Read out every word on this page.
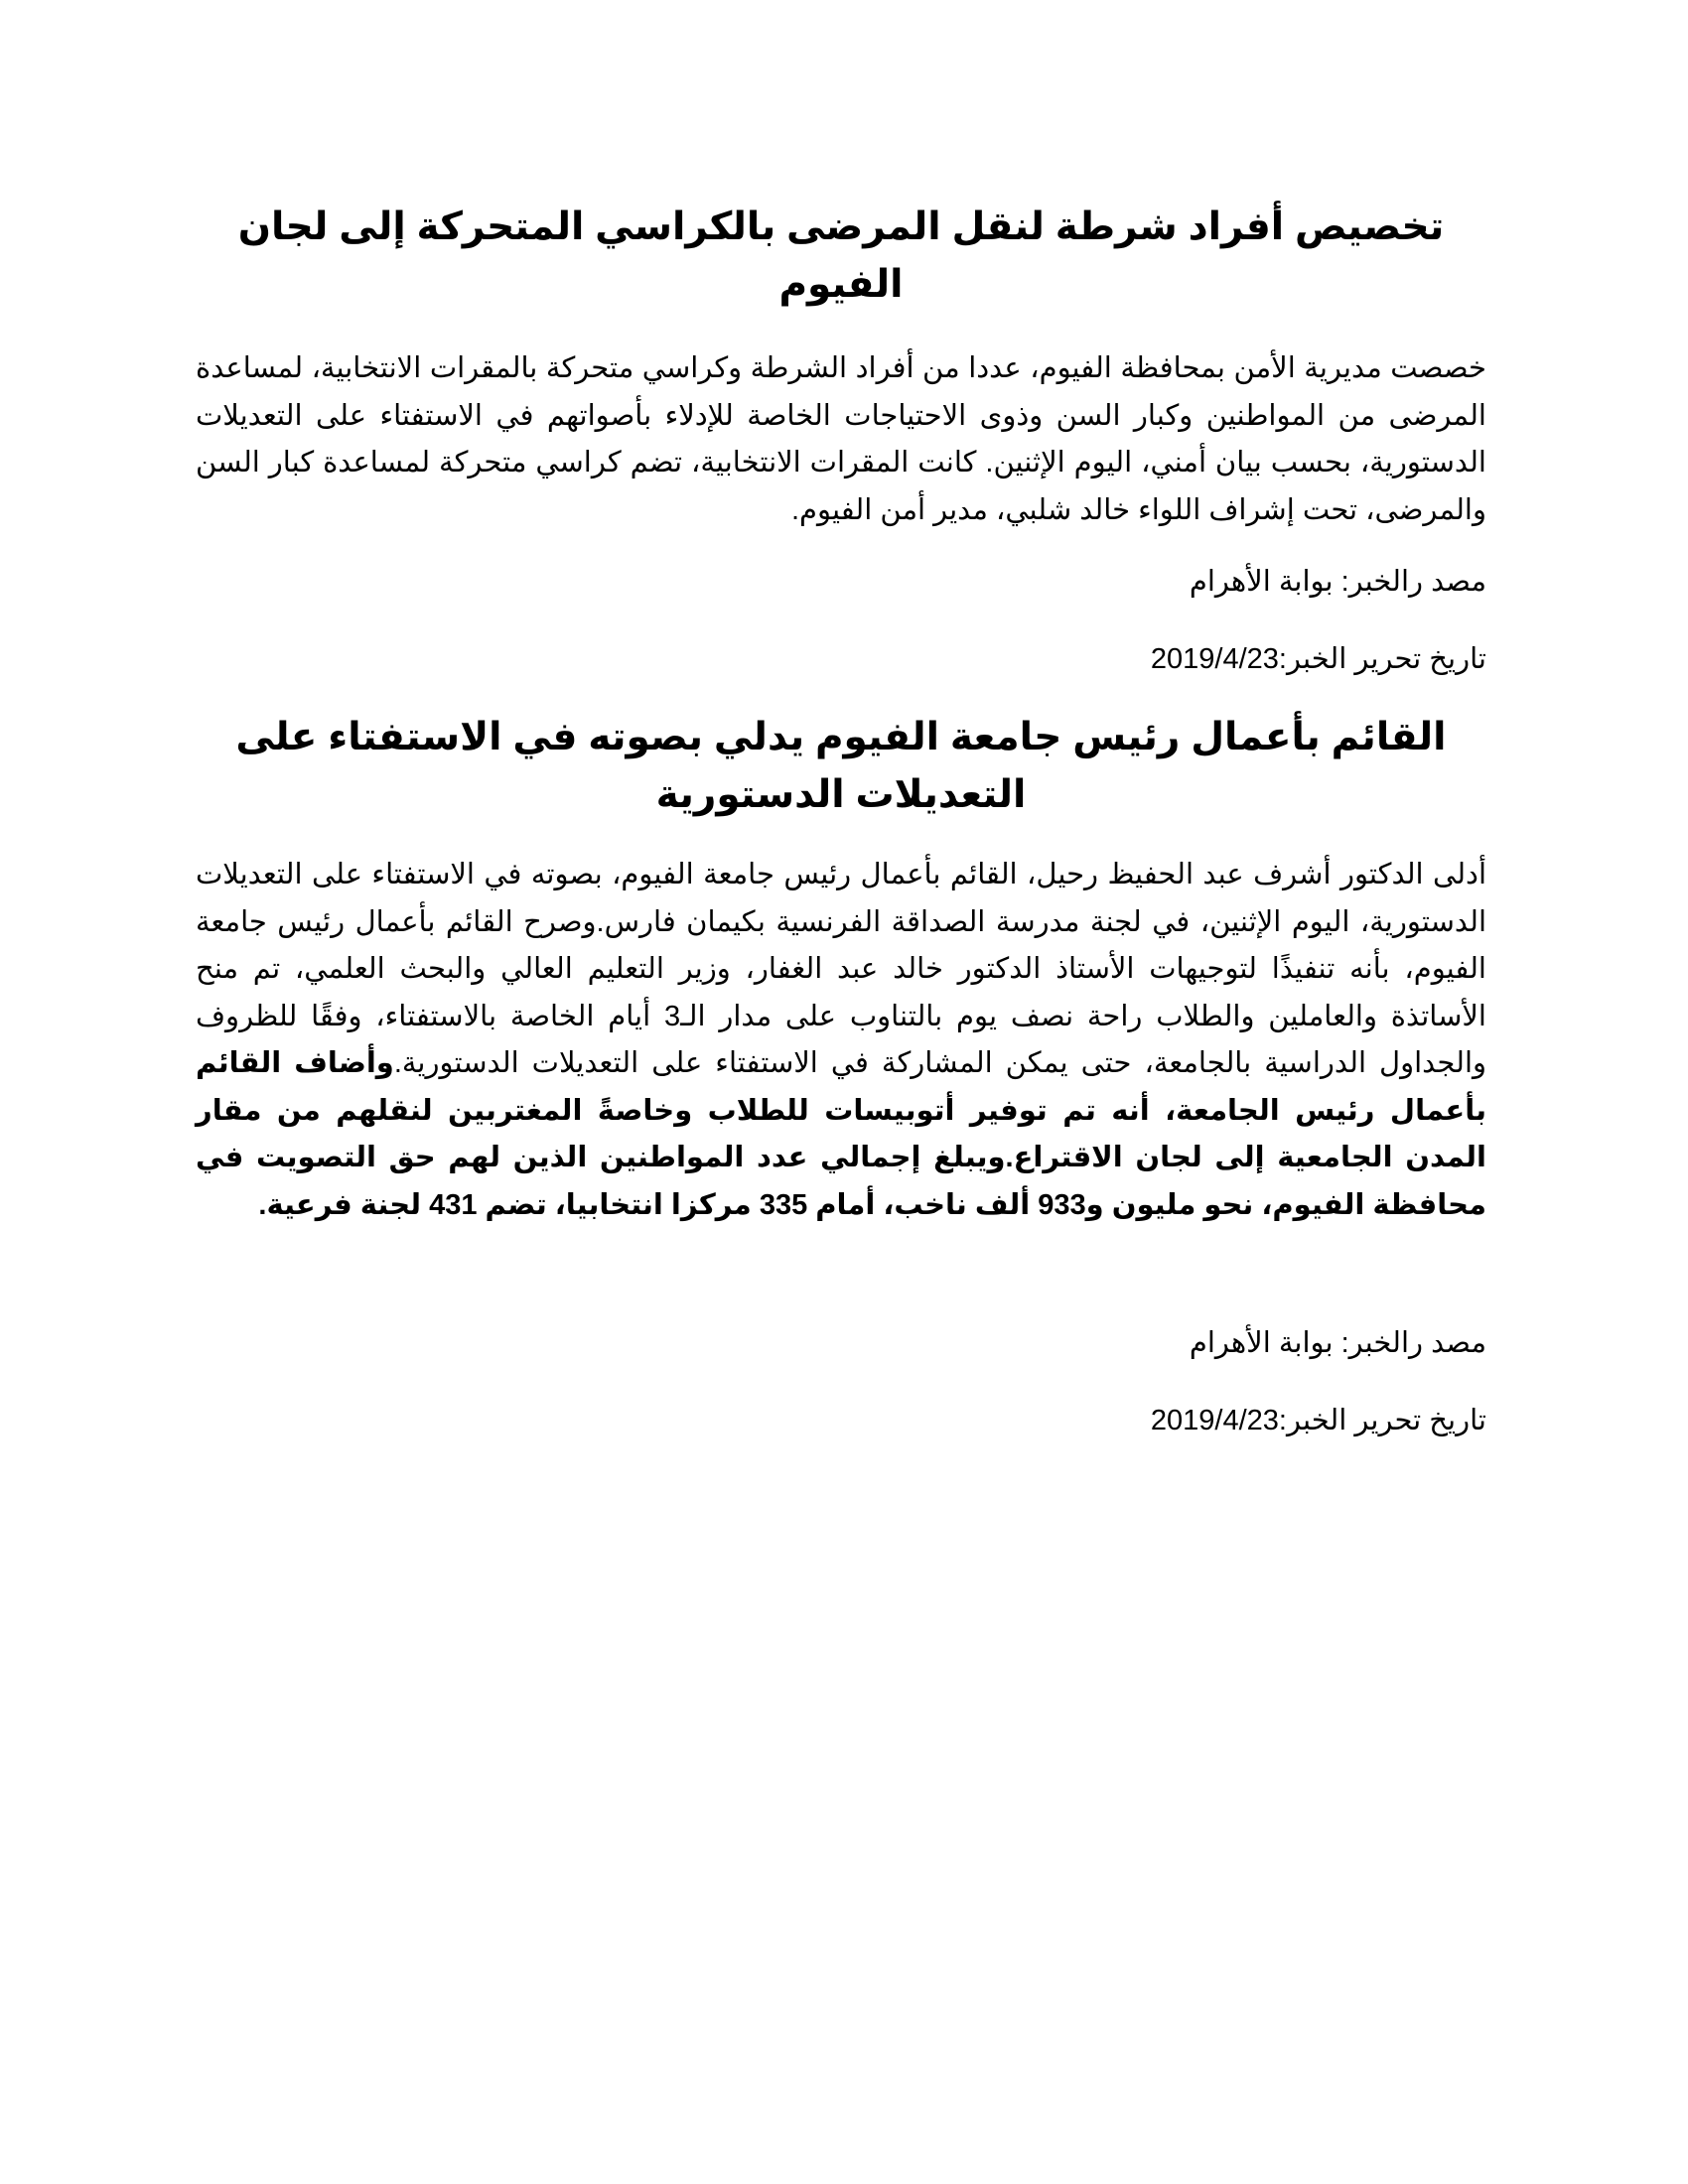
تخصيص أفراد شرطة لنقل المرضى بالكراسي المتحركة إلى لجان الفيوم

خصصت مديرية الأمن بمحافظة الفيوم، عددا من أفراد الشرطة وكراسي متحركة بالمقرات الانتخابية، لمساعدة المرضى من المواطنين وكبار السن وذوى الاحتياجات الخاصة للإدلاء بأصواتهم في الاستفتاء على التعديلات الدستورية، بحسب بيان أمني، اليوم الإثنين. كانت المقرات الانتخابية، تضم كراسي متحركة لمساعدة كبار السن والمرضى، تحت إشراف اللواء خالد شلبي، مدير أمن الفيوم.

مصد رالخبر: بوابة الأهرام

تاريخ تحرير الخبر:2019/4/23

القائم بأعمال رئيس جامعة الفيوم يدلي بصوته في الاستفتاء على التعديلات الدستورية

أدلى الدكتور أشرف عبد الحفيظ رحيل، القائم بأعمال رئيس جامعة الفيوم، بصوته في الاستفتاء على التعديلات الدستورية، اليوم الإثنين، في لجنة مدرسة الصداقة الفرنسية بكيمان فارس.وصرح القائم بأعمال رئيس جامعة الفيوم، بأنه تنفيذًا لتوجيهات الأستاذ الدكتور خالد عبد الغفار، وزير التعليم العالي والبحث العلمي، تم منح الأساتذة والعاملين والطلاب راحة نصف يوم بالتناوب على مدار الـ3 أيام الخاصة بالاستفتاء، وفقًا للظروف والجداول الدراسية بالجامعة، حتى يمكن المشاركة في الاستفتاء على التعديلات الدستورية.وأضاف القائم بأعمال رئيس الجامعة، أنه تم توفير أتوبيسات للطلاب وخاصةً المغتربين لنقلهم من مقار المدن الجامعية إلى لجان الاقتراع.ويبلغ إجمالي عدد المواطنين الذين لهم حق التصويت في محافظة الفيوم، نحو مليون و933 ألف ناخب، أمام 335 مركزا انتخابيا، تضم 431 لجنة فرعية.

مصد رالخبر: بوابة الأهرام

تاريخ تحرير الخبر:2019/4/23
